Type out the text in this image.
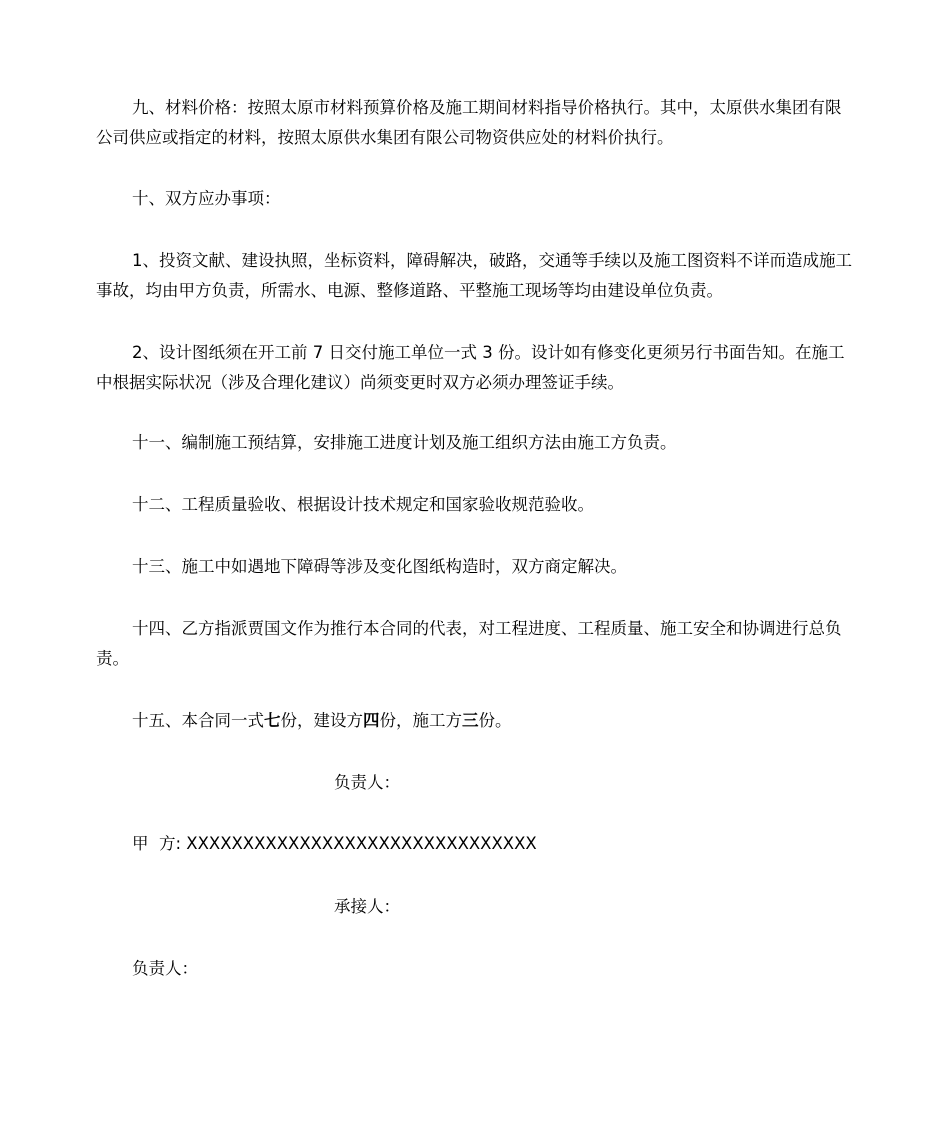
九、材料价格：按照太原市材料预算价格及施工期间材料指导价格执行。其中，太原供水集团有限公司供应或指定的材料，按照太原供水集团有限公司物资供应处的材料价执行。

十、双方应办事项：

1、投资文献、建设执照，坐标资料，障碍解决，破路，交通等手续以及施工图资料不详而造成施工事故，均由甲方负责，所需水、电源、整修道路、平整施工现场等均由建设单位负责。

2、设计图纸须在开工前 7 日交付施工单位一式 3 份。设计如有修变化更须另行书面告知。在施工中根据实际状况（涉及合理化建议）尚须变更时双方必须办理签证手续。

十一、编制施工预结算，安排施工进度计划及施工组织方法由施工方负责。

十二、工程质量验收、根据设计技术规定和国家验收规范验收。

十三、施工中如遇地下障碍等涉及变化图纸构造时，双方商定解决。

十四、乙方指派贾国文作为推行本合同的代表，对工程进度、工程质量、施工安全和协调进行总负责。

十五、本合同一式七份，建设方四份，施工方三份。

负责人：

甲  方: XXXXXXXXXXXXXXXXXXXXXXXXXXXXXXX

承接人：

负责人：
